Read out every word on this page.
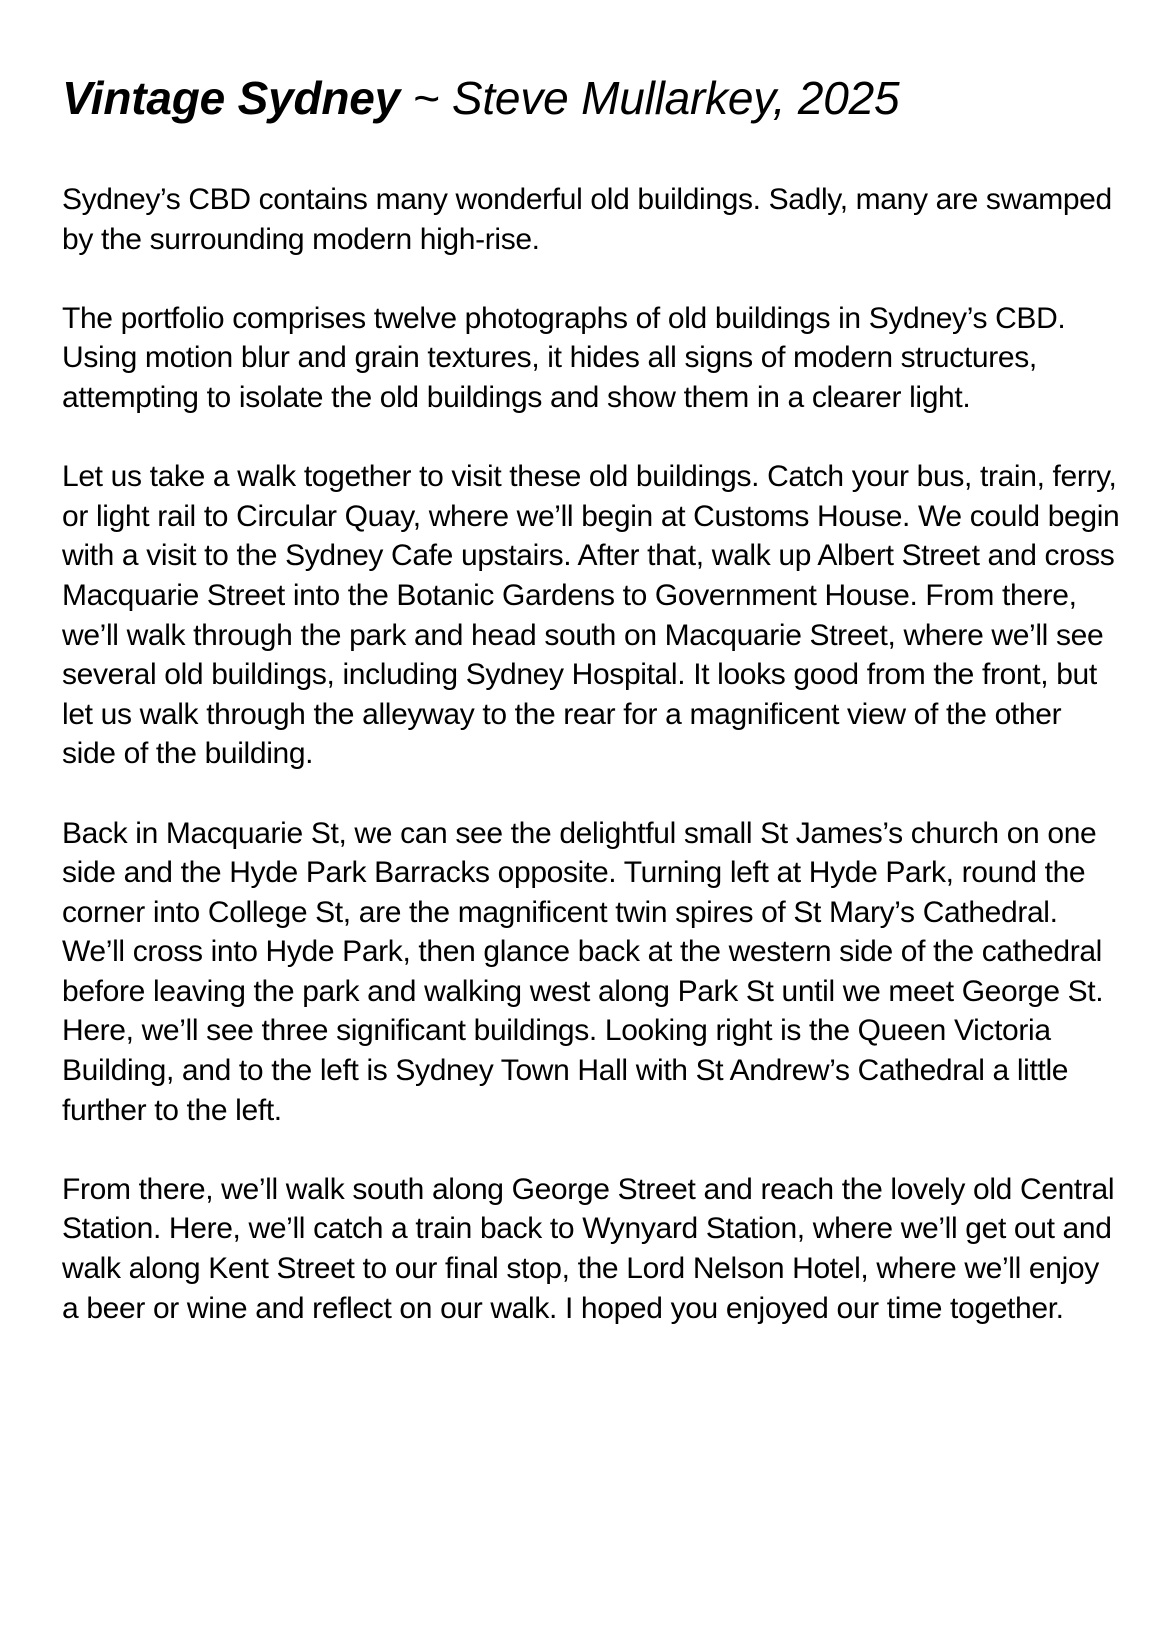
Vintage Sydney ~ Steve Mullarkey, 2025

Sydney’s CBD contains many wonderful old buildings. Sadly, many are swamped by the surrounding modern high-rise.

The portfolio comprises twelve photographs of old buildings in Sydney’s CBD. Using motion blur and grain textures, it hides all signs of modern structures, attempting to isolate the old buildings and show them in a clearer light.

Let us take a walk together to visit these old buildings. Catch your bus, train, ferry, or light rail to Circular Quay, where we’ll begin at Customs House. We could begin with a visit to the Sydney Cafe upstairs. After that, walk up Albert Street and cross Macquarie Street into the Botanic Gardens to Government House. From there, we’ll walk through the park and head south on Macquarie Street, where we’ll see several old buildings, including Sydney Hospital. It looks good from the front, but let us walk through the alleyway to the rear for a magnificent view of the other side of the building.

Back in Macquarie St, we can see the delightful small St James’s church on one side and the Hyde Park Barracks opposite. Turning left at Hyde Park, round the corner into College St, are the magnificent twin spires of St Mary’s Cathedral. We’ll cross into Hyde Park, then glance back at the western side of the cathedral before leaving the park and walking west along Park St until we meet George St. Here, we’ll see three significant buildings. Looking right is the Queen Victoria Building, and to the left is Sydney Town Hall with St Andrew’s Cathedral a little further to the left.

From there, we’ll walk south along George Street and reach the lovely old Central Station. Here, we’ll catch a train back to Wynyard Station, where we’ll get out and walk along Kent Street to our final stop, the Lord Nelson Hotel, where we’ll enjoy a beer or wine and reflect on our walk. I hoped you enjoyed our time together.
